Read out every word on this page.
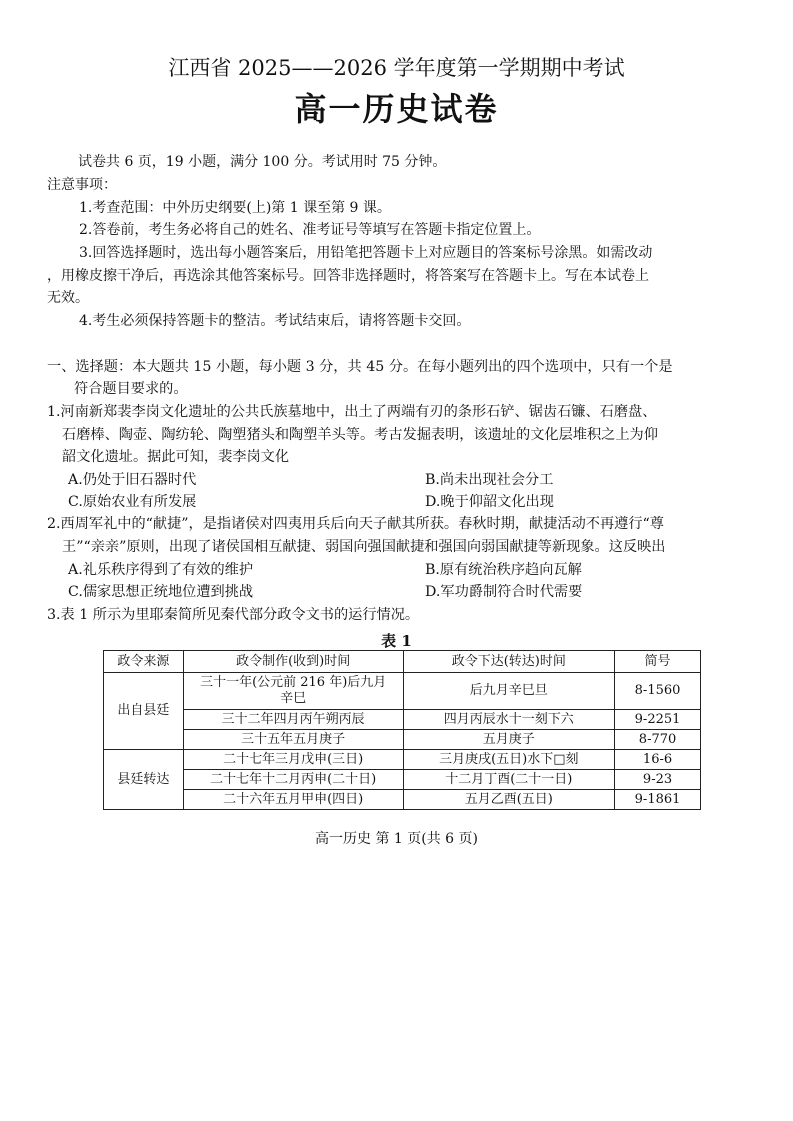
江西省 2025——2026 学年度第一学期期中考试
高一历史试卷
试卷共 6 页，19 小题，满分 100 分。考试用时 75 分钟。
注意事项：
1.考查范围：中外历史纲要(上)第 1 课至第 9 课。
2.答卷前，考生务必将自己的姓名、准考证号等填写在答题卡指定位置上。
3.回答选择题时，选出每小题答案后，用铅笔把答题卡上对应题目的答案标号涂黑。如需改动
，用橡皮擦干净后，再选涂其他答案标号。回答非选择题时，将答案写在答题卡上。写在本试卷上
无效。
4.考生必须保持答题卡的整洁。考试结束后，请将答题卡交回。
一、选择题：本大题共 15 小题，每小题 3 分，共 45 分。在每小题列出的四个选项中，只有一个是
符合题目要求的。
1.河南新郑裴李岗文化遗址的公共氏族墓地中，出土了两端有刃的条形石铲、锯齿石镰、石磨盘、
石磨棒、陶壶、陶纺轮、陶塑猪头和陶塑羊头等。考古发掘表明，该遗址的文化层堆积之上为仰
韶文化遗址。据此可知，裴李岗文化
A.仍处于旧石器时代	B.尚未出现社会分工
C.原始农业有所发展	D.晚于仰韶文化出现
2.西周军礼中的“献捷”，是指诸侯对四夷用兵后向天子献其所获。春秋时期，献捷活动不再遵行“尊
王”“亲亲”原则，出现了诸侯国相互献捷、弱国向强国献捷和强国向弱国献捷等新现象。这反映出
A.礼乐秩序得到了有效的维护	B.原有统治秩序趋向瓦解
C.儒家思想正统地位遭到挑战	D.军功爵制符合时代需要
3.表 1 所示为里耶秦简所见秦代部分政令文书的运行情况。
表 1
政令来源	政令制作(收到)时间	政令下达(转达)时间	简号
出自县廷	三十一年(公元前 216 年)后九月辛巳	后九月辛巳旦	8-1560
	三十二年四月丙午朔丙辰	四月丙辰水十一刻下六	9-2251
	三十五年五月庚子	五月庚子	8-770
县廷转达	二十七年三月戊申(三日)	三月庚戌(五日)水下□刻	16-6
	二十七年十二月丙申(二十日)	十二月丁酉(二十一日)	9-23
	二十六年五月甲申(四日)	五月乙酉(五日)	9-1861
高一历史 第 1 页(共 6 页)
